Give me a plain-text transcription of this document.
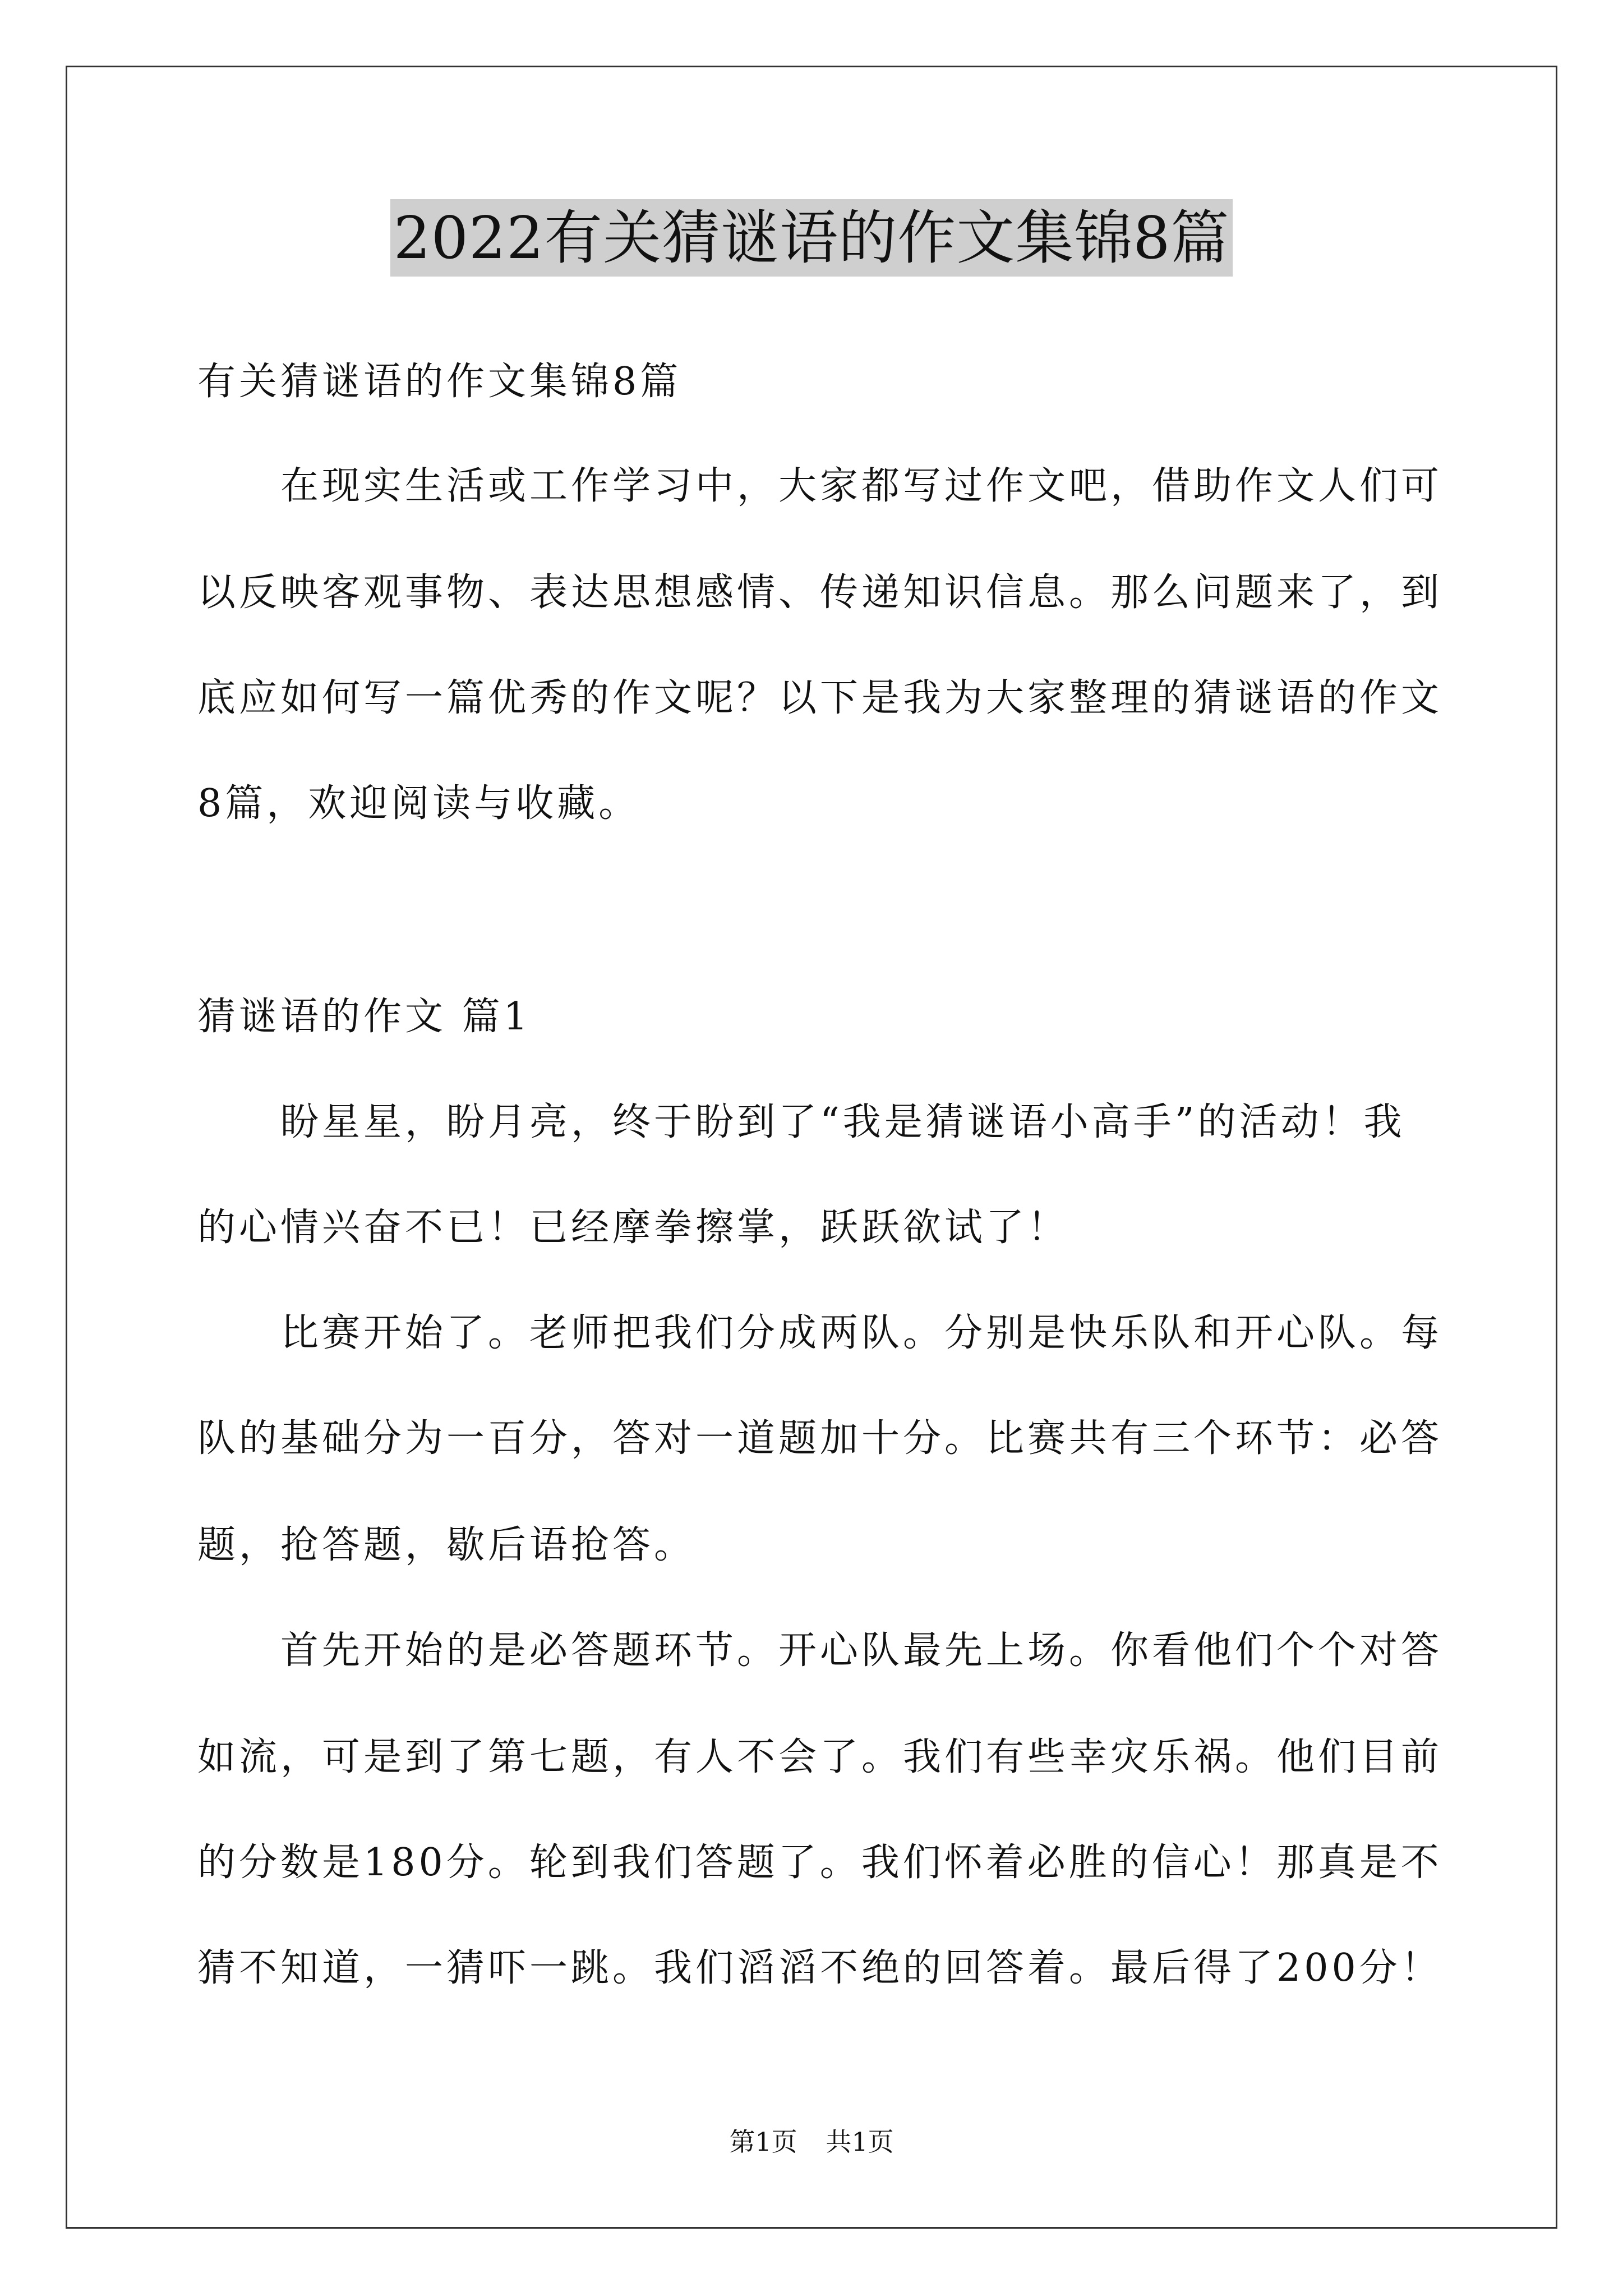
2022有关猜谜语的作文集锦8篇
有关猜谜语的作文集锦8篇
在现实生活或工作学习中，大家都写过作文吧，借助作文人们可
以反映客观事物、表达思想感情、传递知识信息。那么问题来了，到
底应如何写一篇优秀的作文呢？以下是我为大家整理的猜谜语的作文
8篇，欢迎阅读与收藏。
猜谜语的作文 篇1
盼星星，盼月亮，终于盼到了“我是猜谜语小高手”的活动！我
的心情兴奋不已！已经摩拳擦掌，跃跃欲试了！
比赛开始了。老师把我们分成两队。分别是快乐队和开心队。每
队的基础分为一百分，答对一道题加十分。比赛共有三个环节：必答
题，抢答题，歇后语抢答。
首先开始的是必答题环节。开心队最先上场。你看他们个个对答
如流，可是到了第七题，有人不会了。我们有些幸灾乐祸。他们目前
的分数是180分。轮到我们答题了。我们怀着必胜的信心！那真是不
猜不知道，一猜吓一跳。我们滔滔不绝的回答着。最后得了200分！
第1页 共1页
